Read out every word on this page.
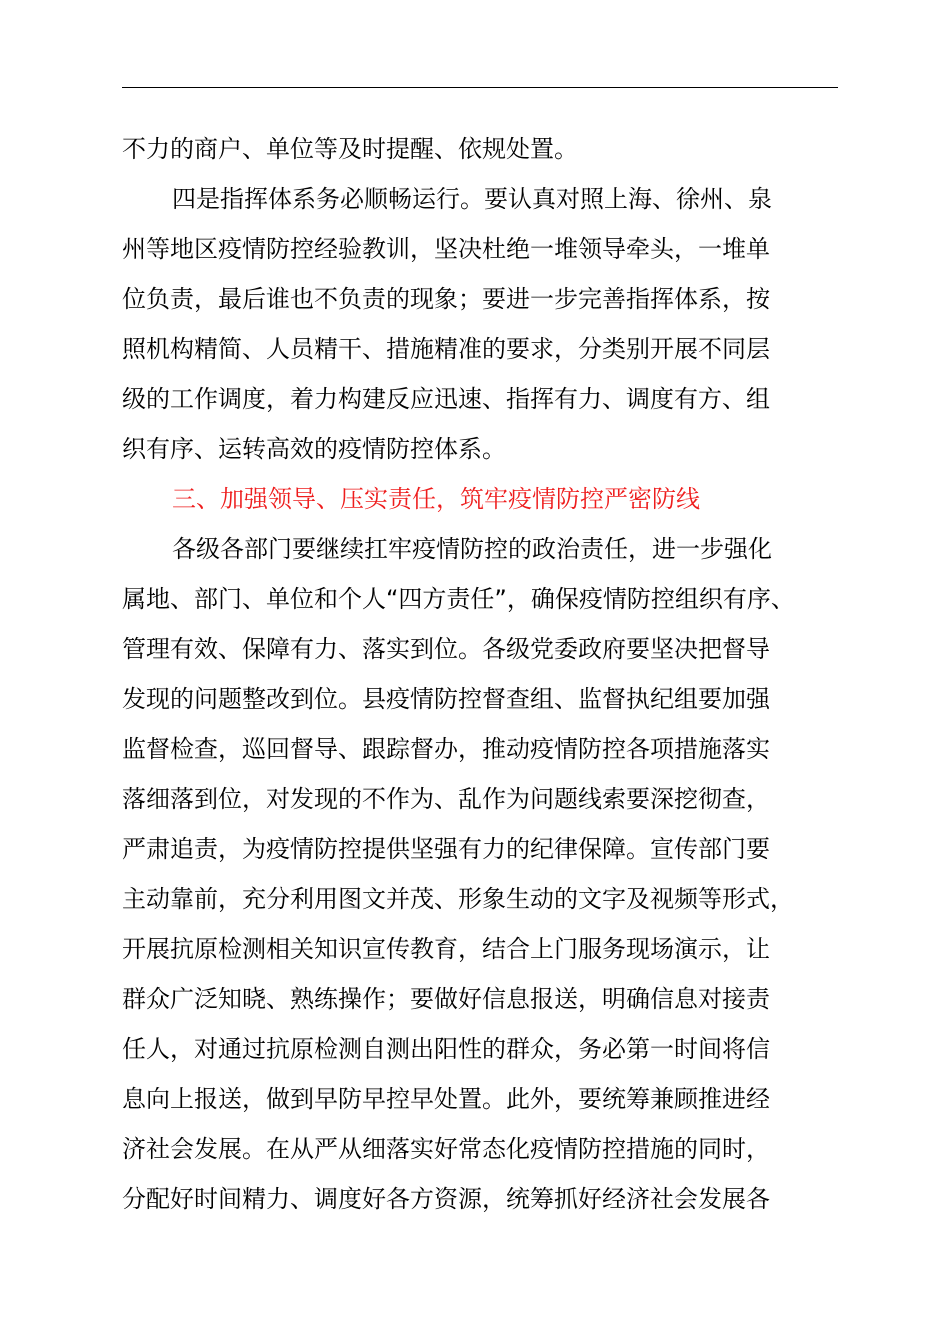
不力的商户、单位等及时提醒、依规处置。
四是指挥体系务必顺畅运行。要认真对照上海、徐州、泉
州等地区疫情防控经验教训，坚决杜绝一堆领导牵头，一堆单
位负责，最后谁也不负责的现象；要进一步完善指挥体系，按
照机构精简、人员精干、措施精准的要求，分类别开展不同层
级的工作调度，着力构建反应迅速、指挥有力、调度有方、组
织有序、运转高效的疫情防控体系。
三、加强领导、压实责任，筑牢疫情防控严密防线
各级各部门要继续扛牢疫情防控的政治责任，进一步强化
属地、部门、单位和个人“四方责任”，确保疫情防控组织有序、
管理有效、保障有力、落实到位。各级党委政府要坚决把督导
发现的问题整改到位。县疫情防控督查组、监督执纪组要加强
监督检查，巡回督导、跟踪督办，推动疫情防控各项措施落实
落细落到位，对发现的不作为、乱作为问题线索要深挖彻查，
严肃追责，为疫情防控提供坚强有力的纪律保障。宣传部门要
主动靠前，充分利用图文并茂、形象生动的文字及视频等形式，
开展抗原检测相关知识宣传教育，结合上门服务现场演示，让
群众广泛知晓、熟练操作；要做好信息报送，明确信息对接责
任人，对通过抗原检测自测出阳性的群众，务必第一时间将信
息向上报送，做到早防早控早处置。此外，要统筹兼顾推进经
济社会发展。在从严从细落实好常态化疫情防控措施的同时，
分配好时间精力、调度好各方资源，统筹抓好经济社会发展各
